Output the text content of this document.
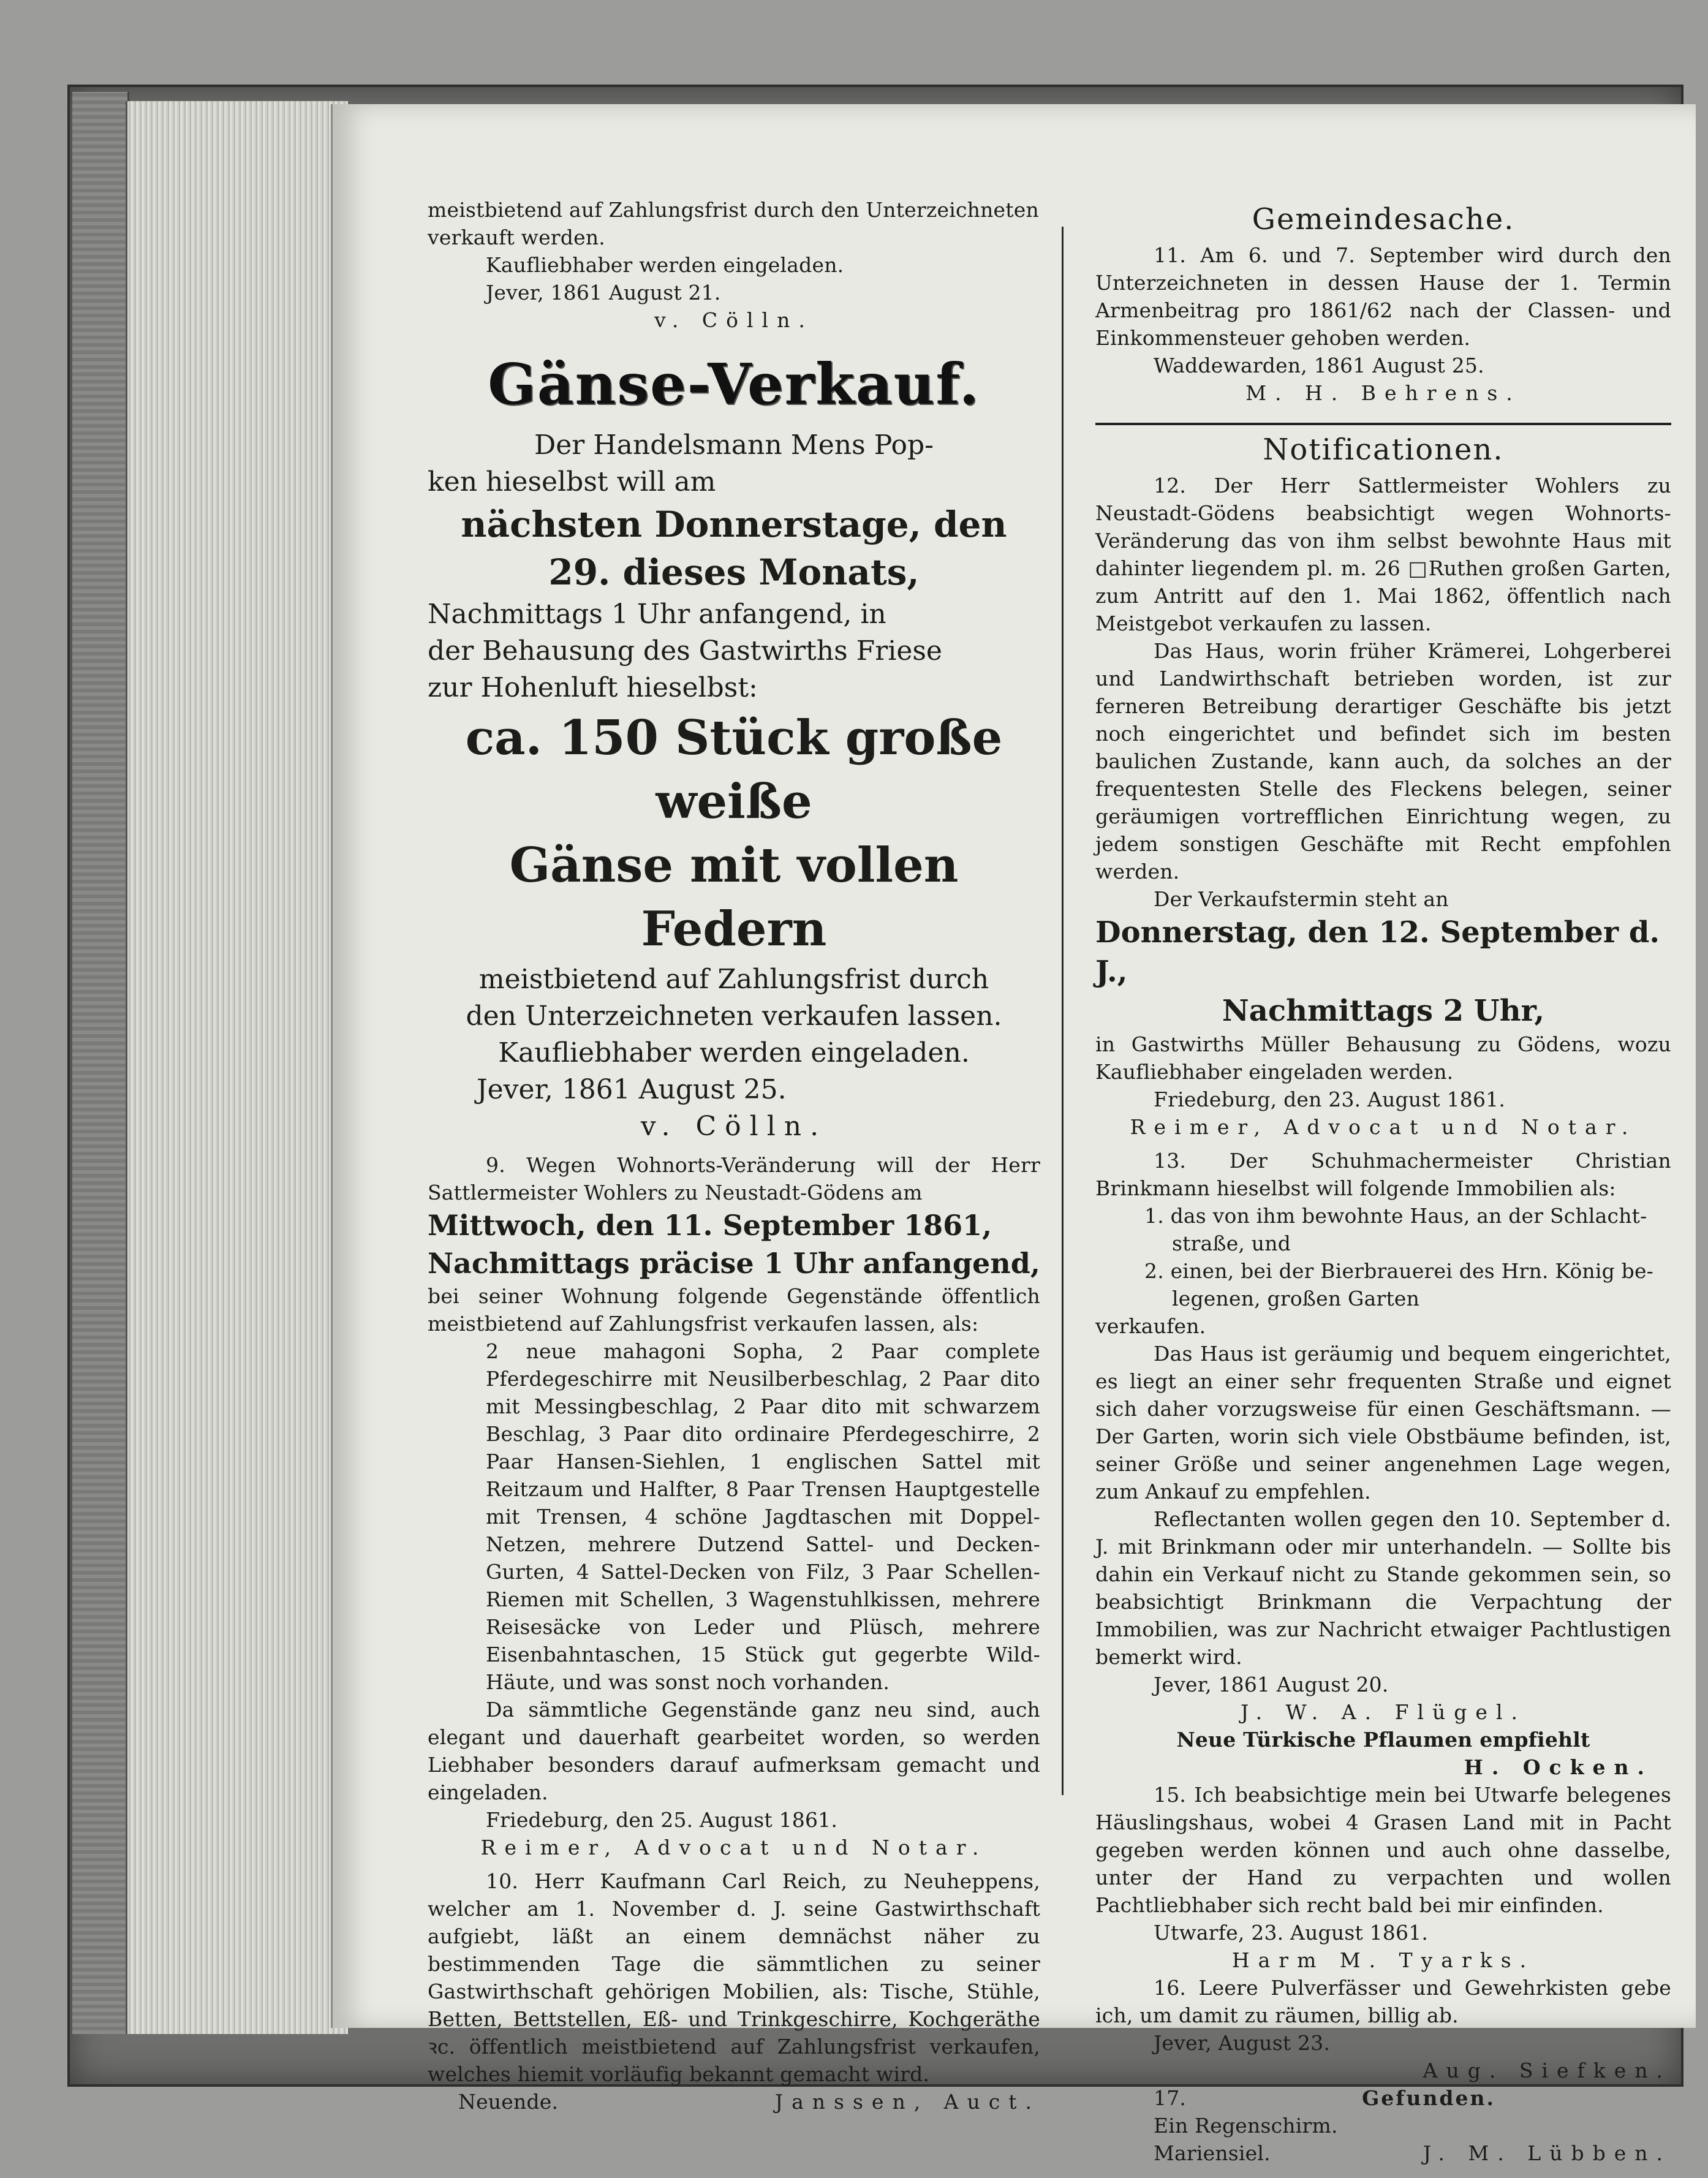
meistbietend auf Zahlungsfrist durch den Unterzeichneten

verkauft werden.

Kaufliebhaber werden eingeladen.

Jever, 1861 August 21.

v. Cölln.

Gänse-Verkauf.

Der Handelsmann Mens Pop-

ken hieselbst will am

nächsten Donnerstage, den

29. dieses Monats,

Nachmittags 1 Uhr anfangend, in

der Behausung des Gastwirths Friese

zur Hohenluft hieselbst:

ca. 150 Stück große weiße

Gänse mit vollen Federn

meistbietend auf Zahlungsfrist durch

den Unterzeichneten verkaufen lassen.

Kaufliebhaber werden eingeladen.

Jever, 1861 August 25.

v. Cölln.

9. Wegen Wohnorts-Veränderung will der Herr Sattlermeister Wohlers zu Neustadt-Gödens am

Mittwoch, den 11. September 1861,

Nachmittags präcise 1 Uhr anfangend,

bei seiner Wohnung folgende Gegenstände öffentlich meistbietend auf Zahlungsfrist verkaufen lassen, als:

2 neue mahagoni Sopha, 2 Paar complete Pferdegeschirre mit Neusilberbeschlag, 2 Paar dito mit Messingbeschlag, 2 Paar dito mit schwarzem Beschlag, 3 Paar dito ordinaire Pferdegeschirre, 2 Paar Hansen-Siehlen, 1 englischen Sattel mit Reitzaum und Halfter, 8 Paar Trensen Hauptgestelle mit Trensen, 4 schöne Jagdtaschen mit Doppel-Netzen, mehrere Dutzend Sattel- und Decken-Gurten, 4 Sattel-Decken von Filz, 3 Paar Schellen-Riemen mit Schellen, 3 Wagenstuhlkissen, mehrere Reisesäcke von Leder und Plüsch, mehrere Eisenbahntaschen, 15 Stück gut gegerbte Wild-Häute, und was sonst noch vorhanden.

Da sämmtliche Gegenstände ganz neu sind, auch elegant und dauerhaft gearbeitet worden, so werden Liebhaber besonders darauf aufmerksam gemacht und eingeladen.

Friedeburg, den 25. August 1861.

Reimer, Advocat und Notar.

10. Herr Kaufmann Carl Reich, zu Neuheppens, welcher am 1. November d. J. seine Gastwirthschaft aufgiebt, läßt an einem demnächst näher zu bestimmenden Tage die sämmtlichen zu seiner Gastwirthschaft gehörigen Mobilien, als: Tische, Stühle, Betten, Bettstellen, Eß- und Trinkgeschirre, Kochgeräthe ꝛc. öffentlich meistbietend auf Zahlungsfrist verkaufen, welches hiemit vorläufig bekannt gemacht wird.

Neuende.	Janssen, Auct.

Gemeindesache.

11. Am 6. und 7. September wird durch den Unterzeichneten in dessen Hause der 1. Termin Armenbeitrag pro 1861/62 nach der Classen- und Einkommensteuer gehoben werden.

Waddewarden, 1861 August 25.

M. H. Behrens.

Notificationen.

12. Der Herr Sattlermeister Wohlers zu Neustadt-Gödens beabsichtigt wegen Wohnorts-Veränderung das von ihm selbst bewohnte Haus mit dahinter liegendem pl. m. 26 □Ruthen großen Garten, zum Antritt auf den 1. Mai 1862, öffentlich nach Meistgebot verkaufen zu lassen.

Das Haus, worin früher Krämerei, Lohgerberei und Landwirthschaft betrieben worden, ist zur ferneren Betreibung derartiger Geschäfte bis jetzt noch eingerichtet und befindet sich im besten baulichen Zustande, kann auch, da solches an der frequentesten Stelle des Fleckens belegen, seiner geräumigen vortrefflichen Einrichtung wegen, zu jedem sonstigen Geschäfte mit Recht empfohlen werden.

Der Verkaufstermin steht an

Donnerstag, den 12. September d. J.,

Nachmittags 2 Uhr,

in Gastwirths Müller Behausung zu Gödens, wozu Kaufliebhaber eingeladen werden.

Friedeburg, den 23. August 1861.

Reimer, Advocat und Notar.

13. Der Schuhmachermeister Christian Brinkmann hieselbst will folgende Immobilien als:

1. das von ihm bewohnte Haus, an der Schlacht-

straße, und

2. einen, bei der Bierbrauerei des Hrn. König be-

legenen, großen Garten

verkaufen.

Das Haus ist geräumig und bequem eingerichtet, es liegt an einer sehr frequenten Straße und eignet sich daher vorzugsweise für einen Geschäftsmann. — Der Garten, worin sich viele Obstbäume befinden, ist, seiner Größe und seiner angenehmen Lage wegen, zum Ankauf zu empfehlen.

Reflectanten wollen gegen den 10. September d. J. mit Brinkmann oder mir unterhandeln. — Sollte bis dahin ein Verkauf nicht zu Stande gekommen sein, so beabsichtigt Brinkmann die Verpachtung der Immobilien, was zur Nachricht etwaiger Pachtlustigen bemerkt wird.

Jever, 1861 August 20.

J. W. A. Flügel.

Neue Türkische Pflaumen empfiehlt

H. Ocken.

15. Ich beabsichtige mein bei Utwarfe belegenes Häuslingshaus, wobei 4 Grasen Land mit in Pacht gegeben werden können und auch ohne dasselbe, unter der Hand zu verpachten und wollen Pachtliebhaber sich recht bald bei mir einfinden.

Utwarfe, 23. August 1861.

Harm M. Tyarks.

16. Leere Pulverfässer und Gewehrkisten gebe ich, um damit zu räumen, billig ab.

Jever, August 23.

Aug. Siefken.

17.	Gefunden.

Ein Regenschirm.

Mariensiel.	J. M. Lübben.
